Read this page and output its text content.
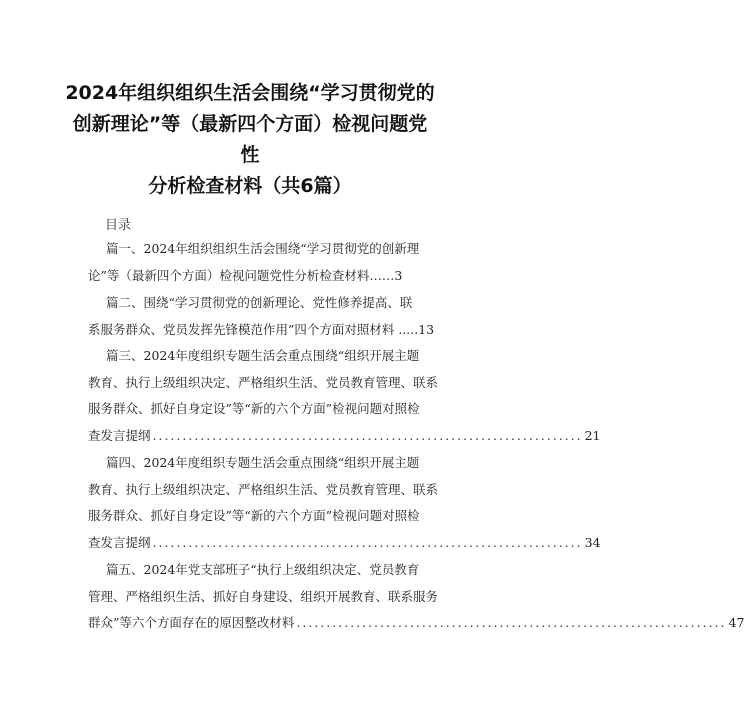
2024年组织组织生活会围绕“学习贯彻党的
创新理论”等（最新四个方面）检视问题党
性
分析检查材料（共6篇）
目录
篇一、2024年组织组织生活会围绕“学习贯彻党的创新理
论”等（最新四个方面）检视问题党性分析检查材料……3
篇二、围绕“学习贯彻党的创新理论、党性修养提高、联
系服务群众、党员发挥先锋模范作用”四个方面对照材料 .....13
篇三、2024年度组织专题生活会重点围绕“组织开展主题
教育、执行上级组织决定、严格组织生活、党员教育管理、联系
服务群众、抓好自身定设”等“新的六个方面”检视问题对照检
查发言提纲 ........................................................................ 21
篇四、2024年度组织专题生活会重点围绕“组织开展主题
教育、执行上级组织决定、严格组织生活、党员教育管理、联系
服务群众、抓好自身定设”等“新的六个方面”检视问题对照检
查发言提纲 ........................................................................ 34
篇五、2024年党支部班子“执行上级组织决定、党员教育
管理、严格组织生活、抓好自身建设、组织开展教育、联系服务
群众”等六个方面存在的原因整改材料 ........................................................................ 47
